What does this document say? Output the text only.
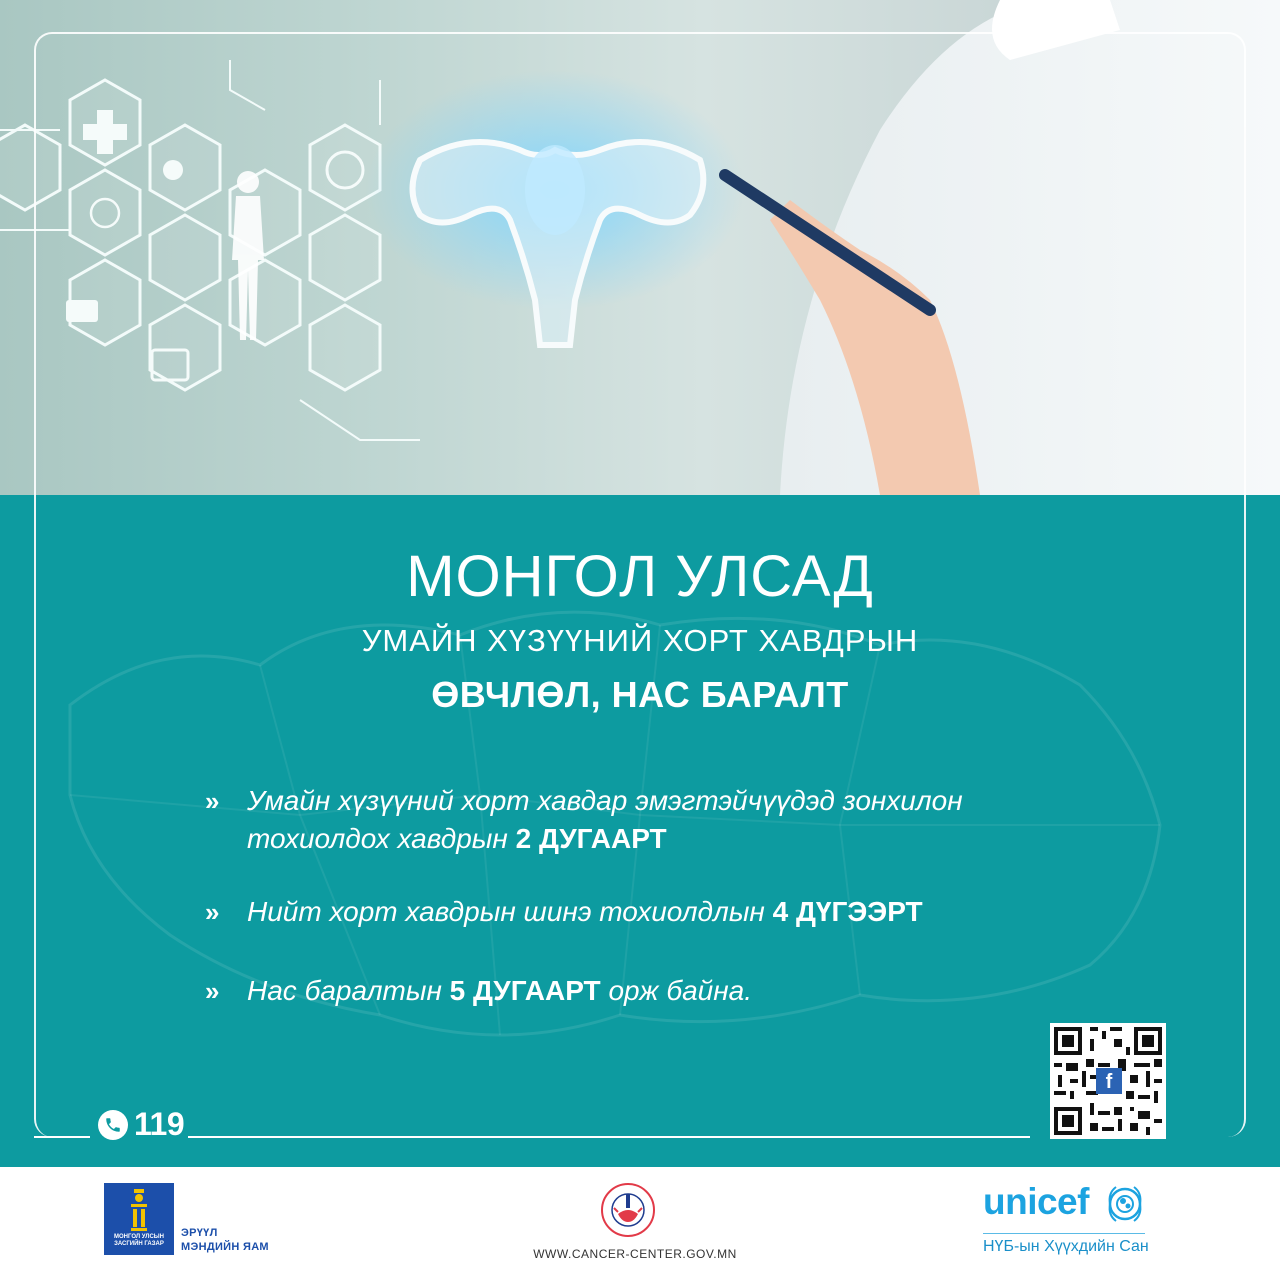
МОНГОЛ УЛСАД
УМАЙН ХҮЗҮҮНИЙ ХОРТ ХАВДРЫН
ӨВЧЛӨЛ, НАС БАРАЛТ
» Умайн хүзүүний хорт хавдар эмэгтэйчүүдэд зонхилон тохиолдох хавдрын 2 ДУГААРТ
» Нийт хорт хавдрын шинэ тохиолдлын 4 ДҮГЭЭРТ
» Нас баралтын 5 ДУГААРТ орж байна.
119
f
МОНГОЛ УЛСЫН ЗАСГИЙН ГАЗАР
ЭРҮҮЛ
МЭНДИЙН ЯАМ	WWW.CANCER-CENTER.GOV.MN
unicef
НҮБ-ын Хүүхдийн Сан
